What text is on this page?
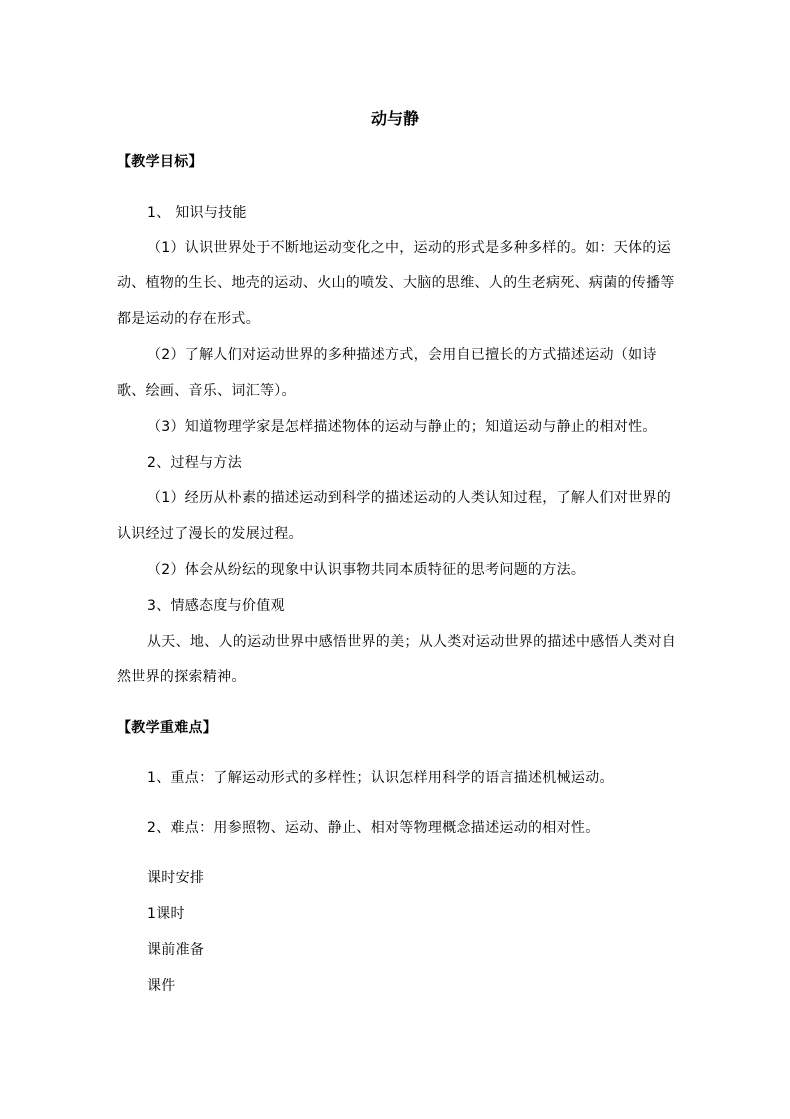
动与静
【教学目标】
1、 知识与技能
（1）认识世界处于不断地运动变化之中，运动的形式是多种多样的。如：天体的运
动、植物的生长、地壳的运动、火山的喷发、大脑的思维、人的生老病死、病菌的传播等
都是运动的存在形式。
（2）了解人们对运动世界的多种描述方式，会用自已擅长的方式描述运动（如诗
歌、绘画、音乐、词汇等）。
（3）知道物理学家是怎样描述物体的运动与静止的；知道运动与静止的相对性。
2、过程与方法
（1）经历从朴素的描述运动到科学的描述运动的人类认知过程，了解人们对世界的
认识经过了漫长的发展过程。
（2）体会从纷纭的现象中认识事物共同本质特征的思考问题的方法。
3、情感态度与价值观
从天、地、人的运动世界中感悟世界的美；从人类对运动世界的描述中感悟人类对自
然世界的探索精神。
【教学重难点】
1、重点：了解运动形式的多样性；认识怎样用科学的语言描述机械运动。
2、难点：用参照物、运动、静止、相对等物理概念描述运动的相对性。
课时安排
1课时
课前准备
课件
